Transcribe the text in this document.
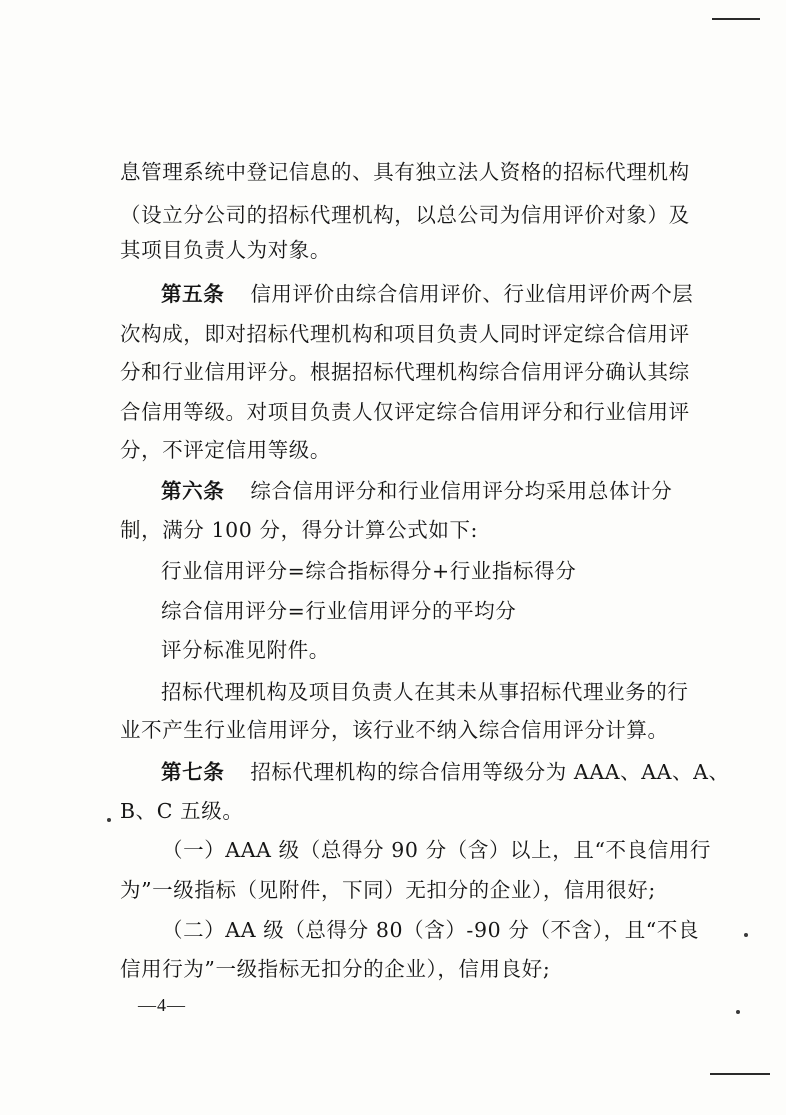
息管理系统中登记信息的、具有独立法人资格的招标代理机构
（设立分公司的招标代理机构，以总公司为信用评价对象）及
其项目负责人为对象。
第五条 信用评价由综合信用评价、行业信用评价两个层
次构成，即对招标代理机构和项目负责人同时评定综合信用评
分和行业信用评分。根据招标代理机构综合信用评分确认其综
合信用等级。对项目负责人仅评定综合信用评分和行业信用评
分，不评定信用等级。
第六条 综合信用评分和行业信用评分均采用总体计分
制，满分 100 分，得分计算公式如下:
行业信用评分=综合指标得分+行业指标得分
综合信用评分=行业信用评分的平均分
评分标准见附件。
招标代理机构及项目负责人在其未从事招标代理业务的行
业不产生行业信用评分，该行业不纳入综合信用评分计算。
第七条 招标代理机构的综合信用等级分为 AAA、AA、A、
B、C 五级。
（一）AAA 级（总得分 90 分（含）以上，且“不良信用行
为”一级指标（见附件，下同）无扣分的企业），信用很好;
（二）AA 级（总得分 80（含）-90 分（不含），且“不良
信用行为”一级指标无扣分的企业），信用良好;
—4—
